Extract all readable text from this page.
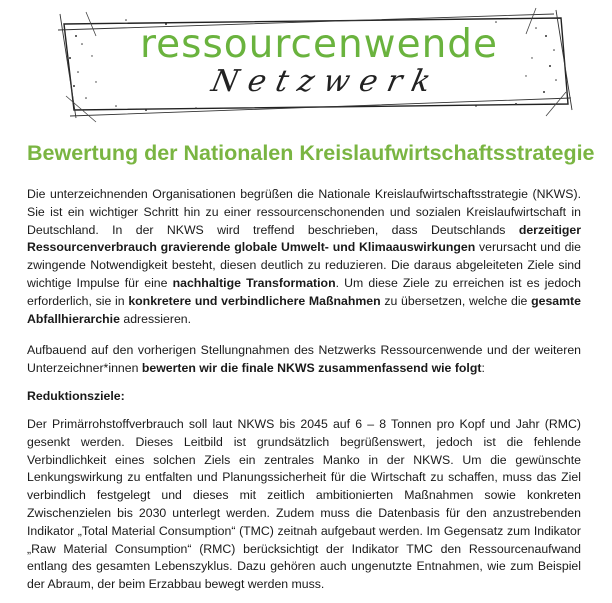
ressourcenwende
Netzwerk
Bewertung der Nationalen Kreislaufwirtschaftsstrategie

Die unterzeichnenden Organisationen begrüßen die Nationale Kreislaufwirtschaftsstrategie (NKWS). Sie ist ein wichtiger Schritt hin zu einer ressourcenschonenden und sozialen Kreislaufwirtschaft in Deutschland. In der NKWS wird treffend beschrieben, dass Deutschlands derzeitiger Ressourcenverbrauch gravierende globale Umwelt- und Klimaauswirkungen verursacht und die zwingende Notwendigkeit besteht, diesen deutlich zu reduzieren. Die daraus abgeleiteten Ziele sind wichtige Impulse für eine nachhaltige Transformation. Um diese Ziele zu erreichen ist es jedoch erforderlich, sie in konkretere und verbindlichere Maßnahmen zu übersetzen, welche die gesamte Abfallhierarchie adressieren.

Aufbauend auf den vorherigen Stellungnahmen des Netzwerks Ressourcenwende und der weiteren Unterzeichner*innen bewerten wir die finale NKWS zusammenfassend wie folgt:

Reduktionsziele:

Der Primärrohstoffverbrauch soll laut NKWS bis 2045 auf 6 – 8 Tonnen pro Kopf und Jahr (RMC) gesenkt werden. Dieses Leitbild ist grundsätzlich begrüßenswert, jedoch ist die fehlende Verbindlichkeit eines solchen Ziels ein zentrales Manko in der NKWS. Um die gewünschte Lenkungswirkung zu entfalten und Planungssicherheit für die Wirtschaft zu schaffen, muss das Ziel verbindlich festgelegt und dieses mit zeitlich ambitionierten Maßnahmen sowie konkreten Zwischenzielen bis 2030 unterlegt werden. Zudem muss die Datenbasis für den anzustrebenden Indikator „Total Material Consumption“ (TMC) zeitnah aufgebaut werden. Im Gegensatz zum Indikator „Raw Material Consumption“ (RMC) berücksichtigt der Indikator TMC den Ressourcenaufwand entlang des gesamten Lebenszyklus. Dazu gehören auch ungenutzte Entnahmen, wie zum Beispiel der Abraum, der beim Erzabbau bewegt werden muss.
